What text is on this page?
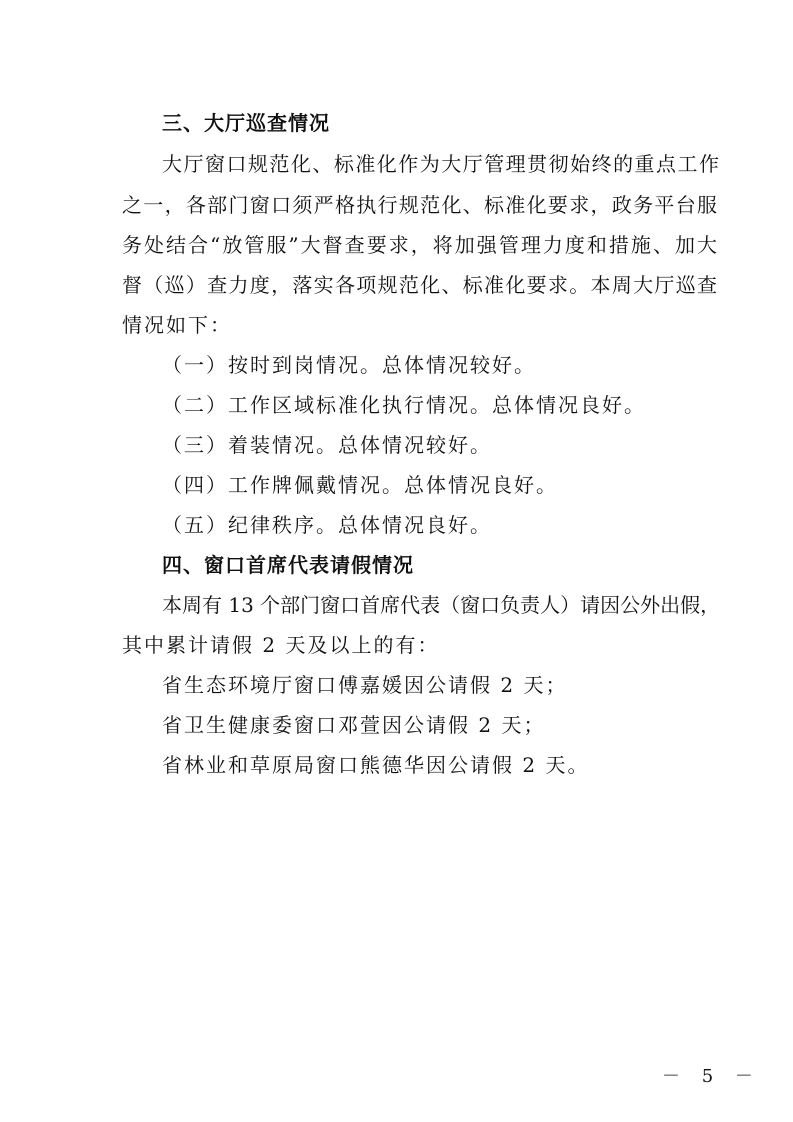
三、大厅巡查情况
大厅窗口规范化、标准化作为大厅管理贯彻始终的重点工作
之一，各部门窗口须严格执行规范化、标准化要求，政务平台服
务处结合“放管服”大督查要求，将加强管理力度和措施、加大
督（巡）查力度，落实各项规范化、标准化要求。本周大厅巡查
情况如下：
（一）按时到岗情况。总体情况较好。
（二）工作区域标准化执行情况。总体情况良好。
（三）着装情况。总体情况较好。
（四）工作牌佩戴情况。总体情况良好。
（五）纪律秩序。总体情况良好。
四、窗口首席代表请假情况
本周有 13 个部门窗口首席代表（窗口负责人）请因公外出假，
其中累计请假 2 天及以上的有：
省生态环境厅窗口傅嘉媛因公请假 2 天；
省卫生健康委窗口邓萱因公请假 2 天；
省林业和草原局窗口熊德华因公请假 2 天。
－ 5 －
